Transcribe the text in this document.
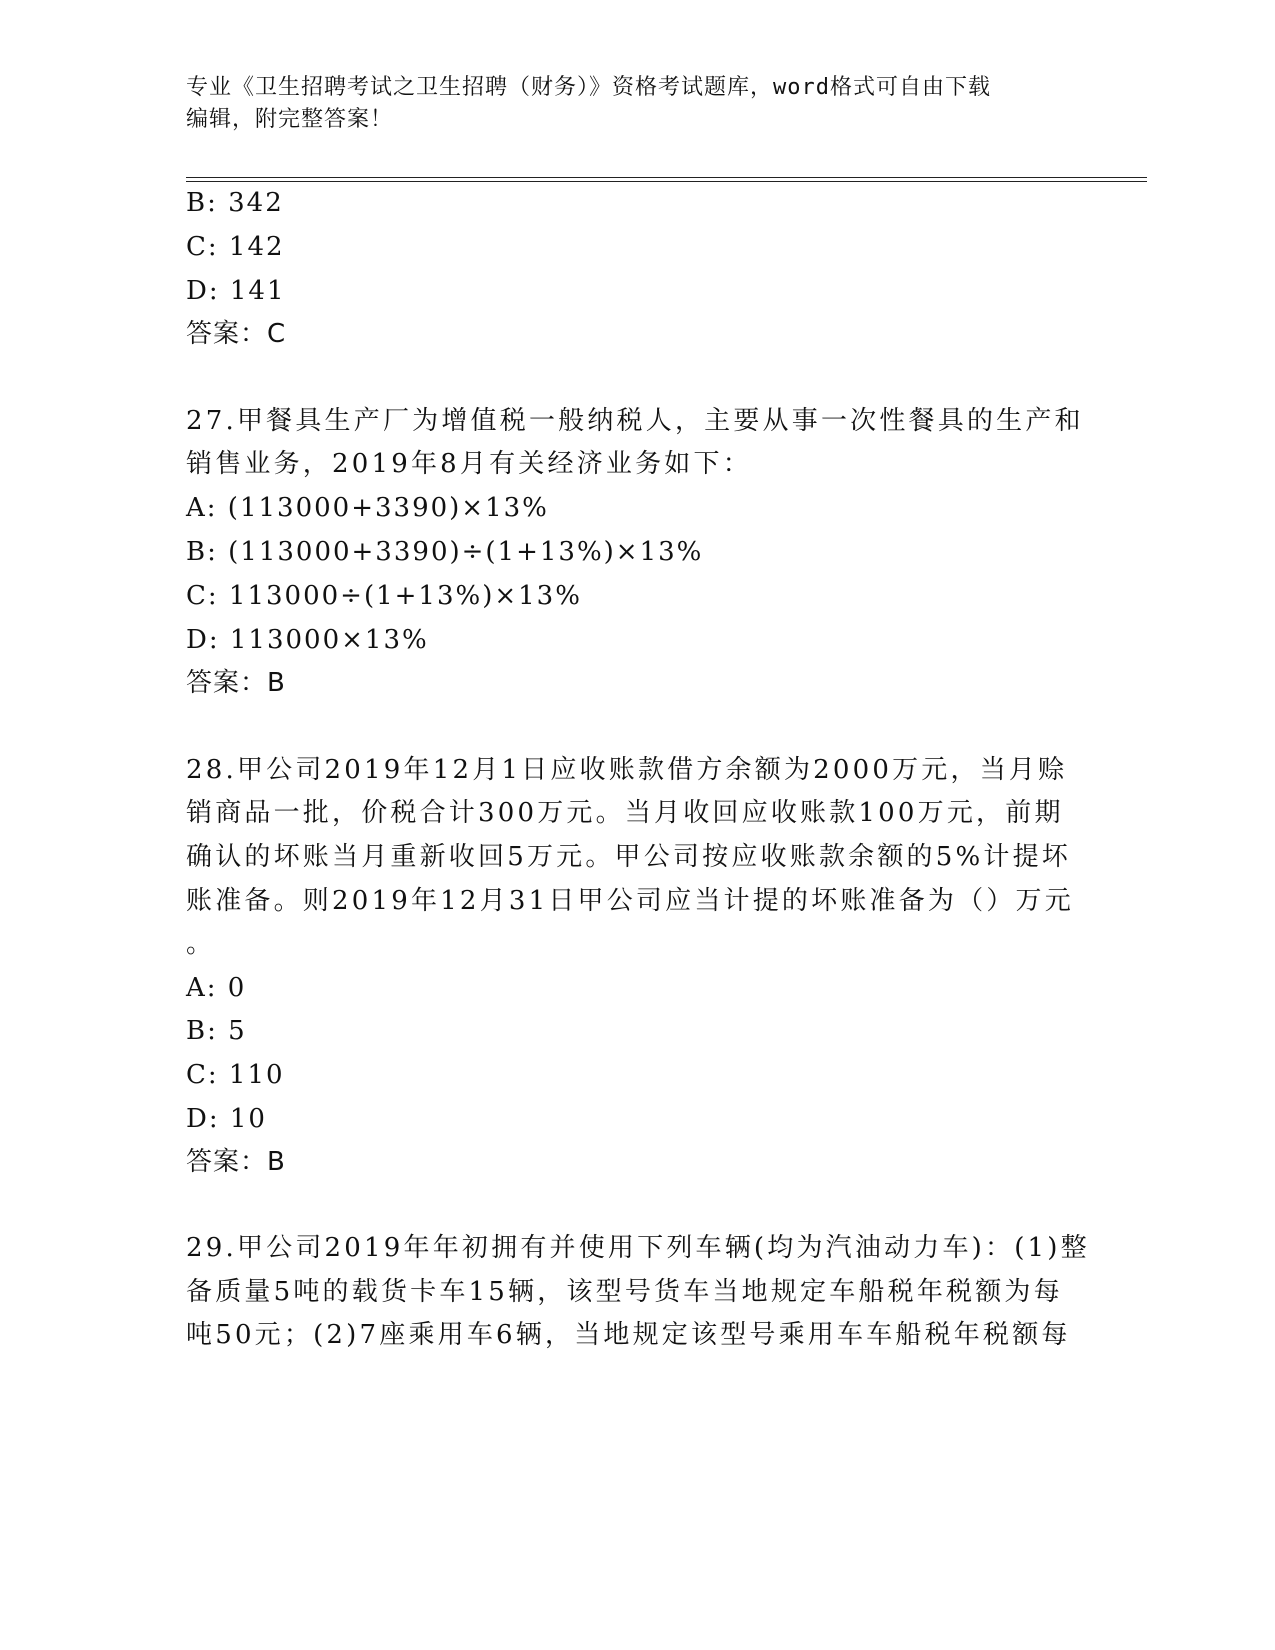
专业《卫生招聘考试之卫生招聘（财务）》资格考试题库，word格式可自由下载
编辑，附完整答案！
B: 342
C: 142
D: 141
答案：C
27.甲餐具生产厂为增值税一般纳税人，主要从事一次性餐具的生产和
销售业务，2019年8月有关经济业务如下：
A: (113000+3390)×13%
B: (113000+3390)÷(1+13%)×13%
C: 113000÷(1+13%)×13%
D: 113000×13%
答案：B
28.甲公司2019年12月1日应收账款借方余额为2000万元，当月赊
销商品一批，价税合计300万元。当月收回应收账款100万元，前期
确认的坏账当月重新收回5万元。甲公司按应收账款余额的5%计提坏
账准备。则2019年12月31日甲公司应当计提的坏账准备为（）万元
。
A: 0
B: 5
C: 110
D: 10
答案：B
29.甲公司2019年年初拥有并使用下列车辆(均为汽油动力车)：(1)整
备质量5吨的载货卡车15辆，该型号货车当地规定车船税年税额为每
吨50元；(2)7座乘用车6辆，当地规定该型号乘用车车船税年税额每
